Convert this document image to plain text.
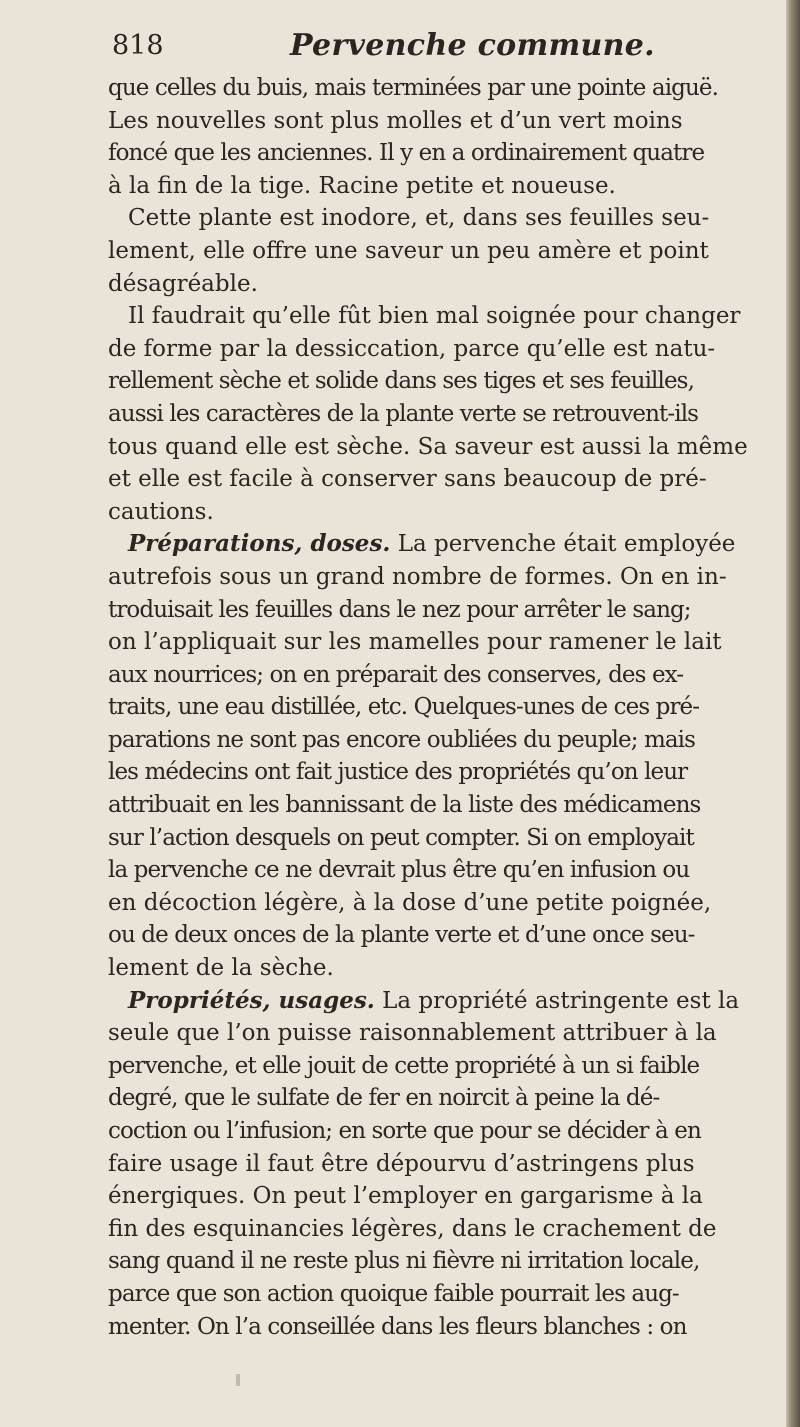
818	Pervenche commune.
que celles du buis, mais terminées par une pointe aiguë.
Les nouvelles sont plus molles et d’un vert moins
foncé que les anciennes. Il y en a ordinairement quatre
à la fin de la tige. Racine petite et noueuse.
Cette plante est inodore, et, dans ses feuilles seu-
lement, elle offre une saveur un peu amère et point
désagréable.
Il faudrait qu’elle fût bien mal soignée pour changer
de forme par la dessiccation, parce qu’elle est natu-
rellement sèche et solide dans ses tiges et ses feuilles,
aussi les caractères de la plante verte se retrouvent-ils
tous quand elle est sèche. Sa saveur est aussi la même
et elle est facile à conserver sans beaucoup de pré-
cautions.
Préparations, doses. La pervenche était employée
autrefois sous un grand nombre de formes. On en in-
troduisait les feuilles dans le nez pour arrêter le sang;
on l’appliquait sur les mamelles pour ramener le lait
aux nourrices; on en préparait des conserves, des ex-
traits, une eau distillée, etc. Quelques-unes de ces pré-
parations ne sont pas encore oubliées du peuple; mais
les médecins ont fait justice des propriétés qu’on leur
attribuait en les bannissant de la liste des médicamens
sur l’action desquels on peut compter. Si on employait
la pervenche ce ne devrait plus être qu’en infusion ou
en décoction légère, à la dose d’une petite poignée,
ou de deux onces de la plante verte et d’une once seu-
lement de la sèche.
Propriétés, usages. La propriété astringente est la
seule que l’on puisse raisonnablement attribuer à la
pervenche, et elle jouit de cette propriété à un si faible
degré, que le sulfate de fer en noircit à peine la dé-
coction ou l’infusion; en sorte que pour se décider à en
faire usage il faut être dépourvu d’astringens plus
énergiques. On peut l’employer en gargarisme à la
fin des esquinancies légères, dans le crachement de
sang quand il ne reste plus ni fièvre ni irritation locale,
parce que son action quoique faible pourrait les aug-
menter. On l’a conseillée dans les fleurs blanches : on
